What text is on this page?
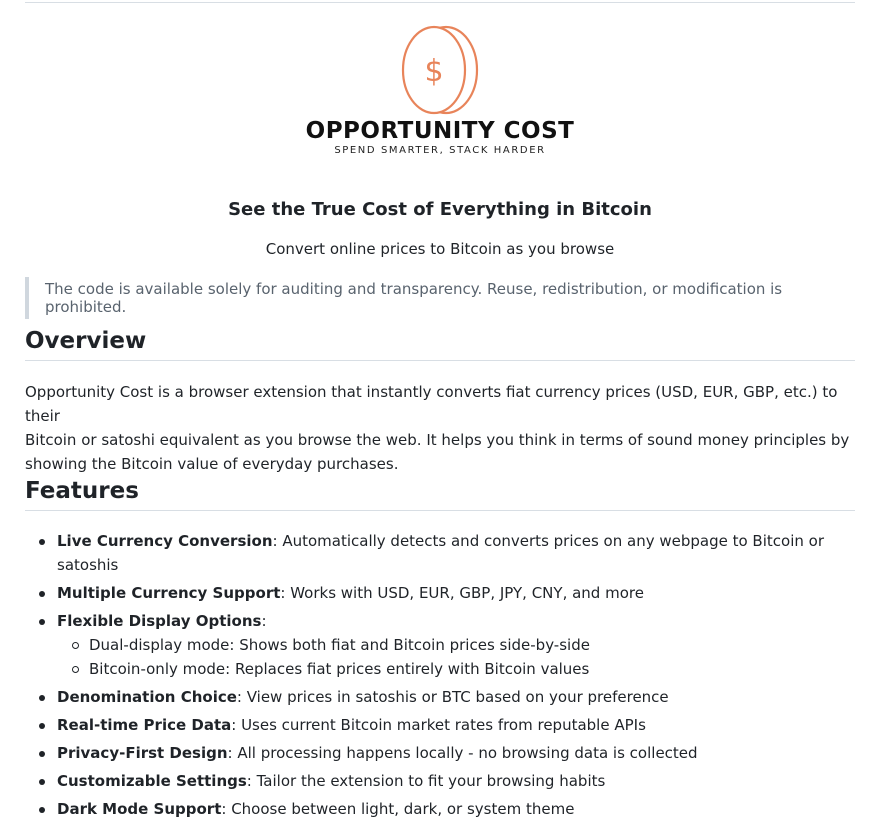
$
OPPORTUNITY COST
SPEND SMARTER, STACK HARDER
See the True Cost of Everything in Bitcoin
Convert online prices to Bitcoin as you browse
The code is available solely for auditing and transparency. Reuse, redistribution, or modification is prohibited.
Overview
Opportunity Cost is a browser extension that instantly converts fiat currency prices (USD, EUR, GBP, etc.) to their
Bitcoin or satoshi equivalent as you browse the web. It helps you think in terms of sound money principles by
showing the Bitcoin value of everyday purchases.
Features
Live Currency Conversion: Automatically detects and converts prices on any webpage to Bitcoin or satoshis
Multiple Currency Support: Works with USD, EUR, GBP, JPY, CNY, and more
Flexible Display Options:
Dual-display mode: Shows both fiat and Bitcoin prices side-by-side
Bitcoin-only mode: Replaces fiat prices entirely with Bitcoin values
Denomination Choice: View prices in satoshis or BTC based on your preference
Real-time Price Data: Uses current Bitcoin market rates from reputable APIs
Privacy-First Design: All processing happens locally - no browsing data is collected
Customizable Settings: Tailor the extension to fit your browsing habits
Dark Mode Support: Choose between light, dark, or system theme
